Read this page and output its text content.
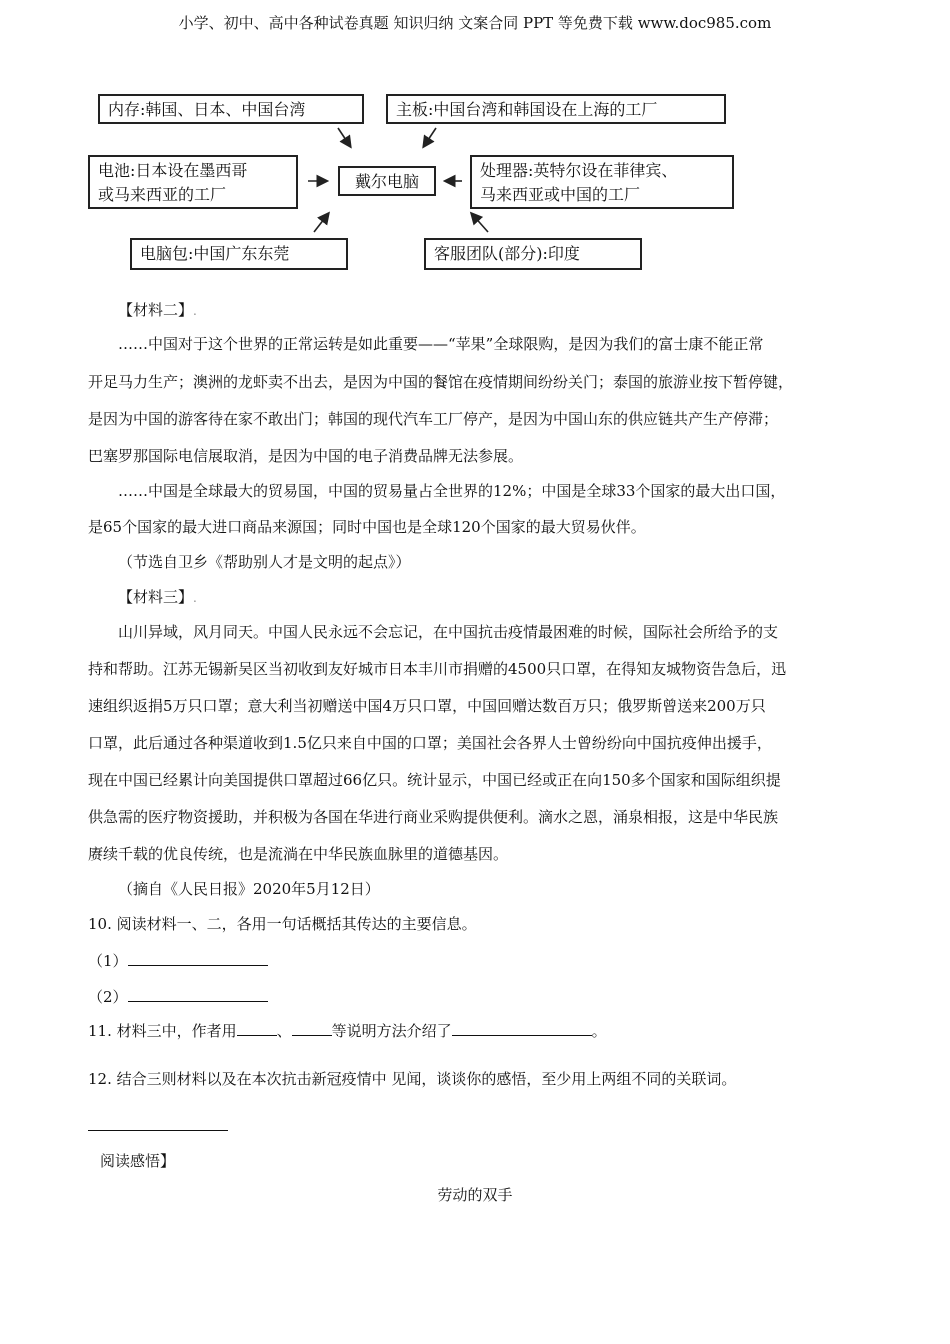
小学、初中、高中各种试卷真题 知识归纳 文案合同 PPT 等免费下载 www.doc985.com
内存:韩国、日本、中国台湾	主板:中国台湾和韩国设在上海的工厂
电池:日本设在墨西哥
或马来西亚的工厂
戴尔电脑
处理器:英特尔设在菲律宾、
马来西亚或中国的工厂
电脑包:中国广东东莞	客服团队(部分):印度
【材料二】.
……中国对于这个世界的正常运转是如此重要——“苹果”全球限购，是因为我们的富士康不能正常
开足马力生产；澳洲的龙虾卖不出去，是因为中国的餐馆在疫情期间纷纷关门；泰国的旅游业按下暂停键，
是因为中国的游客待在家不敢出门；韩国的现代汽车工厂停产，是因为中国山东的供应链共产生产停滞；
巴塞罗那国际电信展取消，是因为中国的电子消费品牌无法参展。
……中国是全球最大的贸易国，中国的贸易量占全世界的12%；中国是全球33个国家的最大出口国，
是65个国家的最大进口商品来源国；同时中国也是全球120个国家的最大贸易伙伴。
（节选自卫乡《帮助别人才是文明的起点》）
【材料三】.
山川异域，风月同天。中国人民永远不会忘记，在中国抗击疫情最困难的时候，国际社会所给予的支
持和帮助。江苏无锡新吴区当初收到友好城市日本丰川市捐赠的4500只口罩，在得知友城物资告急后，迅
速组织返捐5万只口罩；意大利当初赠送中国4万只口罩，中国回赠达数百万只；俄罗斯曾送来200万只
口罩，此后通过各种渠道收到1.5亿只来自中国的口罩；美国社会各界人士曾纷纷向中国抗疫伸出援手，
现在中国已经累计向美国提供口罩超过66亿只。统计显示，中国已经或正在向150多个国家和国际组织提
供急需的医疗物资援助，并积极为各国在华进行商业采购提供便利。滴水之恩，涌泉相报，这是中华民族
赓续千载的优良传统，也是流淌在中华民族血脉里的道德基因。
（摘自《人民日报》2020年5月12日）
10. 阅读材料一、二，各用一句话概括其传达的主要信息。
（1）
（2）
11. 材料三中，作者用	、	等说明方法介绍了	。
12. 结合三则材料以及在本次抗击新冠疫情中 见闻，谈谈你的感悟，至少用上两组不同的关联词。
阅读感悟】
劳动的双手
